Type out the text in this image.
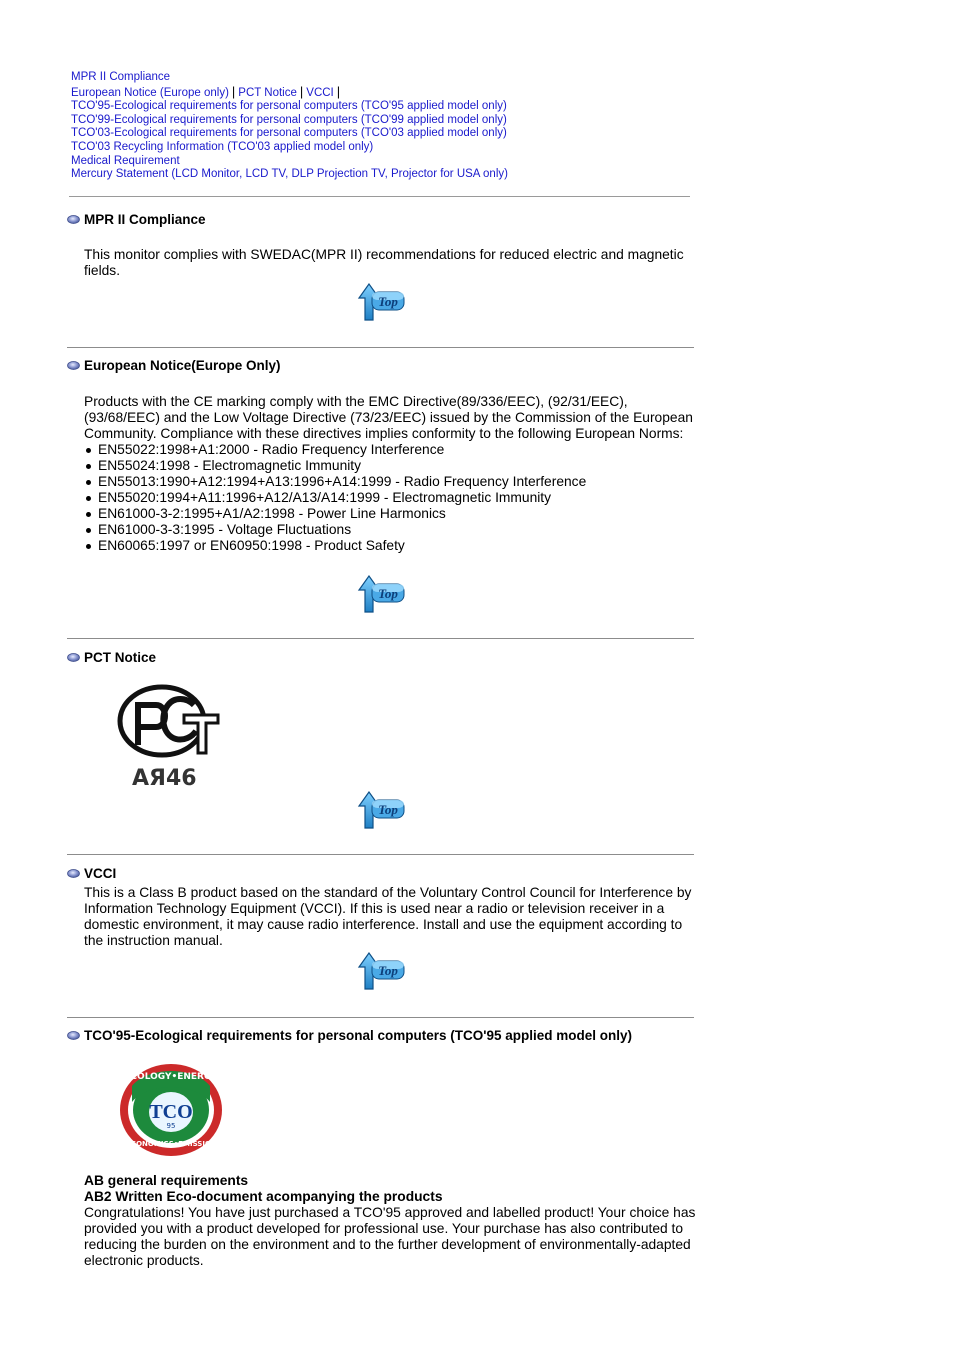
MPR II Compliance
European Notice (Europe only) | PCT Notice | VCCI |
TCO'95-Ecological requirements for personal computers (TCO'95 applied model only)
TCO'99-Ecological requirements for personal computers (TCO'99 applied model only)
TCO'03-Ecological requirements for personal computers (TCO'03 applied model only)
TCO'03 Recycling Information (TCO'03 applied model only)
Medical Requirement
Mercury Statement (LCD Monitor, LCD TV, DLP Projection TV, Projector for USA only)
MPR II Compliance

This monitor complies with SWEDAC(MPR II) recommendations for reduced electric and magnetic fields.

European Notice(Europe Only)

Products with the CE marking comply with the EMC Directive(89/336/EEC), (92/31/EEC), (93/68/EEC) and the Low Voltage Directive (73/23/EEC) issued by the Commission of the European Community. Compliance with these directives implies conformity to the following European Norms:

EN55022:1998+A1:2000 - Radio Frequency Interference
EN55024:1998 - Electromagnetic Immunity
EN55013:1990+A12:1994+A13:1996+A14:1999 - Radio Frequency Interference
EN55020:1994+A11:1996+A12/A13/A14:1999 - Electromagnetic Immunity
EN61000-3-2:1995+A1/A2:1998 - Power Line Harmonics
EN61000-3-3:1995 - Voltage Fluctuations
EN60065:1997 or EN60950:1998 - Product Safety
PCT Notice
АЯ46
VCCI

This is a Class B product based on the standard of the Voluntary Control Council for Interference by Information Technology Equipment (VCCI). If this is used near a radio or television receiver in a domestic environment, it may cause radio interference. Install and use the equipment according to the instruction manual.

TCO'95-Ecological requirements for personal computers (TCO'95 applied model only)
ECOLOGY•ENERGY
TCO
95
ERGONOMICS•EMISSIONS

AB general requirements

AB2 Written Eco-document acompanying the products

Congratulations! You have just purchased a TCO'95 approved and labelled product! Your choice has provided you with a product developed for professional use. Your purchase has also contributed to reducing the burden on the environment and to the further development of environmentally-adapted electronic products.
